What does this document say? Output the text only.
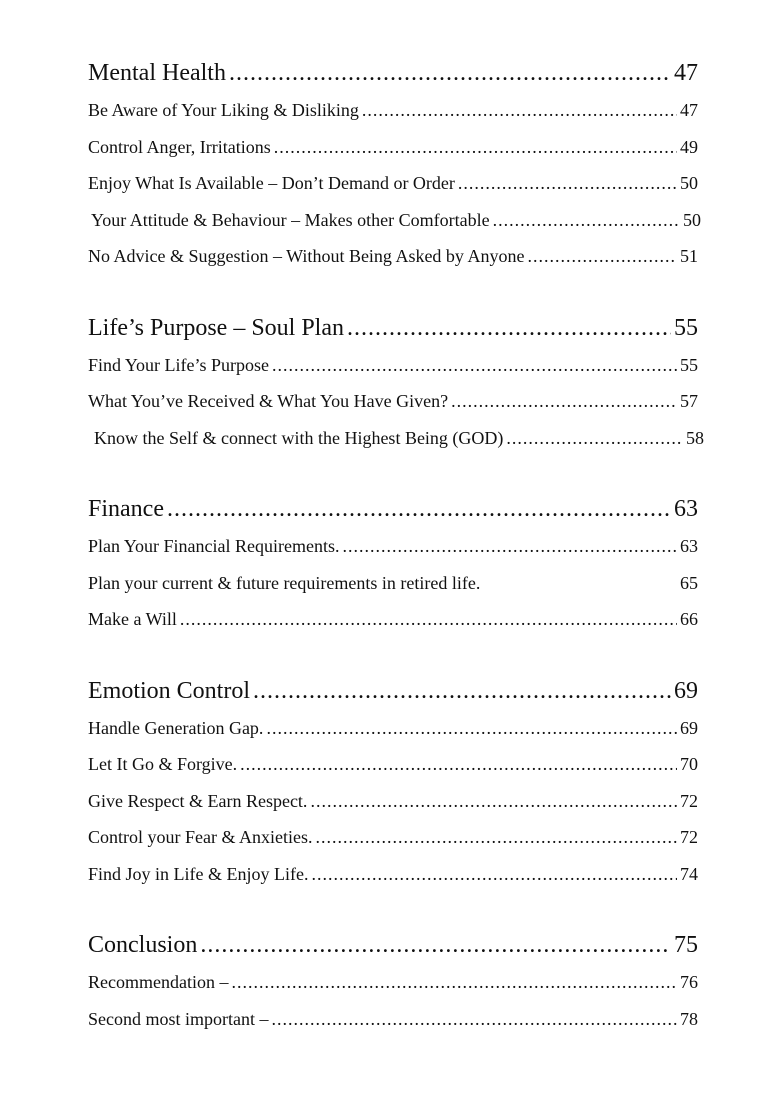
Mental Health .....	47
Be Aware of Your Liking & Disliking .....	47
Control Anger, Irritations .....	49
Enjoy What Is Available – Don’t Demand or Order .....	50
Your Attitude & Behaviour – Makes other Comfortable .....	50
No Advice & Suggestion – Without Being Asked by Anyone .....	51
Life’s Purpose – Soul Plan .....	55
Find Your Life’s Purpose .....	55
What You’ve Received & What You Have Given? .....	57
Know the Self & connect with the Highest Being (GOD) .....	58
Finance .....	63
Plan Your Financial Requirements. .....	63
Plan your current & future requirements in retired life.	65
Make a Will .....	66
Emotion Control .....	69
Handle Generation Gap. .....	69
Let It Go & Forgive. .....	70
Give Respect & Earn Respect. .....	72
Control your Fear & Anxieties. .....	72
Find Joy in Life & Enjoy Life. .....	74
Conclusion .....	75
Recommendation – .....	76
Second most important – .....	78
